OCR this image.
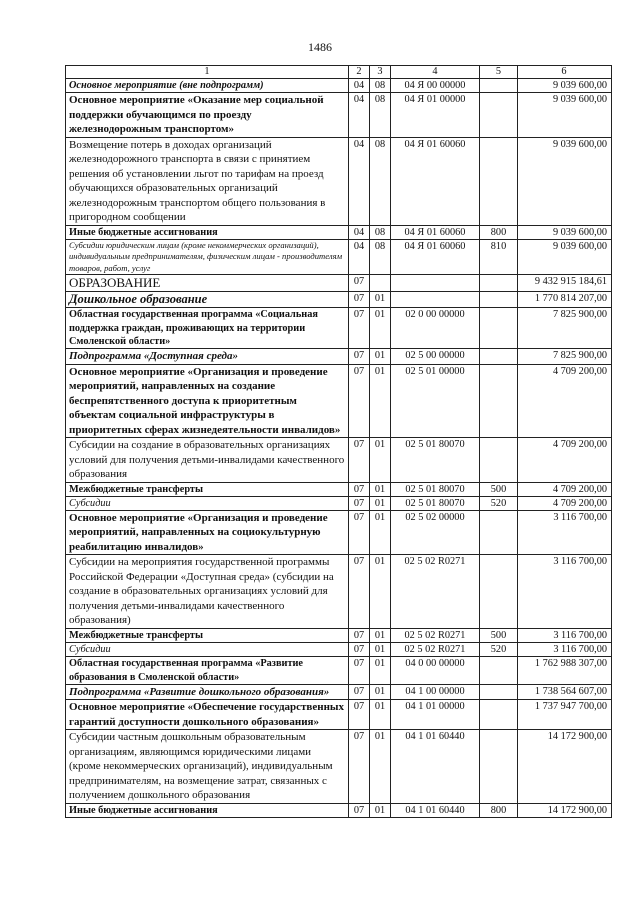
1486
1	2	3	4	5	6
Основное мероприятие (вне подпрограмм)	04	08	04 Я 00 00000		9 039 600,00
Основное мероприятие «Оказание мер социальной поддержки обучающимся по проезду железнодорожным транспортом»	04	08	04 Я 01 00000		9 039 600,00
Возмещение потерь в доходах организаций железнодорожного транспорта в связи с принятием решения об установлении льгот по тарифам на проезд обучающихся образовательных организаций железнодорожным транспортом общего пользования в пригородном сообщении	04	08	04 Я 01 60060		9 039 600,00
Иные бюджетные ассигнования	04	08	04 Я 01 60060	800	9 039 600,00
Субсидии юридическим лицам (кроме некоммерческих организаций), индивидуальным предпринимателям, физическим лицам - производителям товаров, работ, услуг	04	08	04 Я 01 60060	810	9 039 600,00
ОБРАЗОВАНИЕ	07				9 432 915 184,61
Дошкольное образование	07	01			1 770 814 207,00
Областная государственная программа «Социальная поддержка граждан, проживающих на территории Смоленской области»	07	01	02 0 00 00000		7 825 900,00
Подпрограмма «Доступная среда»	07	01	02 5 00 00000		7 825 900,00
Основное мероприятие «Организация и проведение мероприятий, направленных на создание беспрепятственного доступа к приоритетным объектам социальной инфраструктуры в приоритетных сферах жизнедеятельности инвалидов»	07	01	02 5 01 00000		4 709 200,00
Субсидии на создание в образовательных организациях условий для получения детьми-инвалидами качественного образования	07	01	02 5 01 80070		4 709 200,00
Межбюджетные трансферты	07	01	02 5 01 80070	500	4 709 200,00
Субсидии	07	01	02 5 01 80070	520	4 709 200,00
Основное мероприятие «Организация и проведение мероприятий, направленных на социокультурную реабилитацию инвалидов»	07	01	02 5 02 00000		3 116 700,00
Субсидии на мероприятия государственной программы Российской Федерации «Доступная среда» (субсидии на создание в образовательных организациях условий для получения детьми-инвалидами качественного образования)	07	01	02 5 02 R0271		3 116 700,00
Межбюджетные трансферты	07	01	02 5 02 R0271	500	3 116 700,00
Субсидии	07	01	02 5 02 R0271	520	3 116 700,00
Областная государственная программа «Развитие образования в Смоленской области»	07	01	04 0 00 00000		1 762 988 307,00
Подпрограмма «Развитие дошкольного образования»	07	01	04 1 00 00000		1 738 564 607,00
Основное мероприятие «Обеспечение государственных гарантий доступности дошкольного образования»	07	01	04 1 01 00000		1 737 947 700,00
Субсидии частным дошкольным образовательным организациям, являющимся юридическими лицами (кроме некоммерческих организаций), индивидуальным предпринимателям, на возмещение затрат, связанных с получением дошкольного образования	07	01	04 1 01 60440		14 172 900,00
Иные бюджетные ассигнования	07	01	04 1 01 60440	800	14 172 900,00
